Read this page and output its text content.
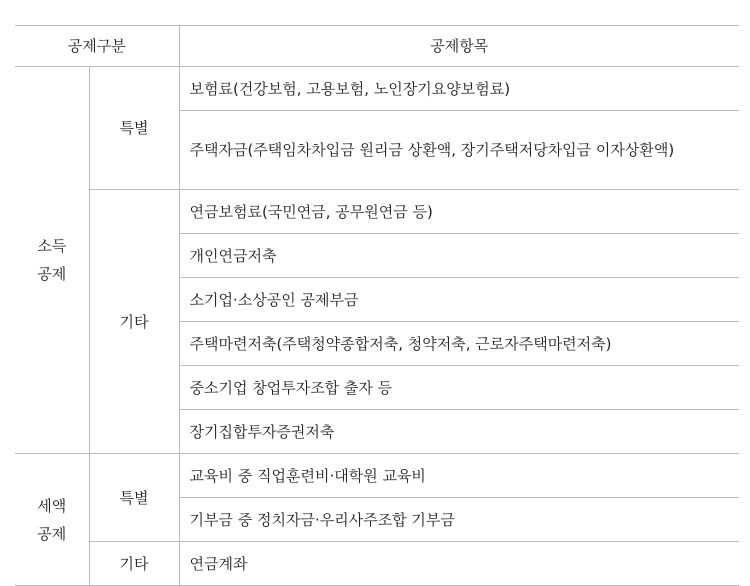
공제구분		공제항목

소득
공제	특별	보험료(건강보험, 고용보험, 노인장기요양보험료)
		주택자금(주택임차차입금 원리금 상환액, 장기주택저당차입금 이자상환액)
	기타	연금보험료(국민연금, 공무원연금 등)
		개인연금저축
		소기업·소상공인 공제부금
		주택마련저축(주택청약종합저축, 청약저축, 근로자주택마련저축)
		중소기업 창업투자조합 출자 등
		장기집합투자증권저축

세액
공제	특별	교육비 중 직업훈련비·대학원 교육비
		기부금 중 정치자금·우리사주조합 기부금
	기타	연금계좌
